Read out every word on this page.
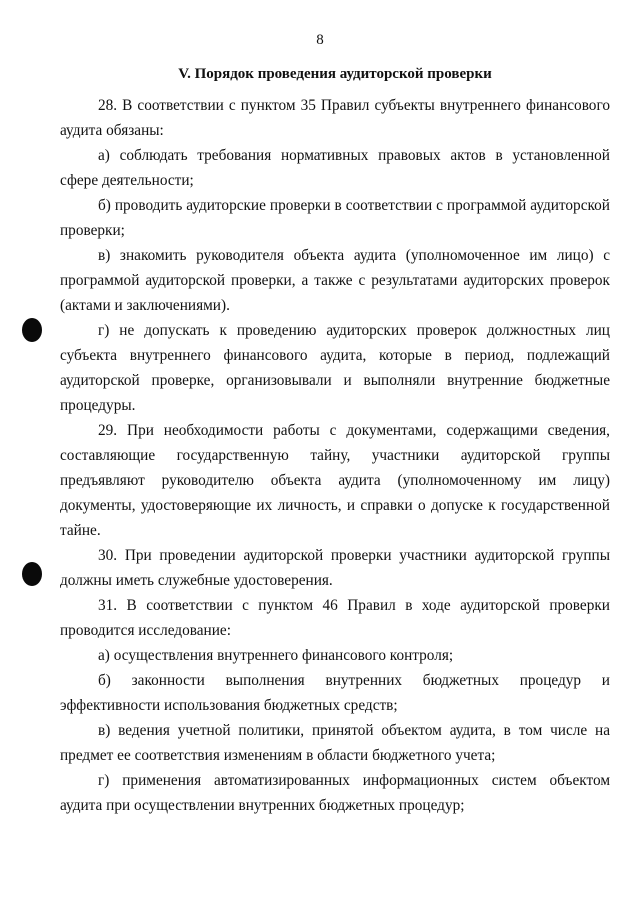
8
V. Порядок проведения аудиторской проверки

28. В соответствии с пунктом 35 Правил субъекты внутреннего финансового аудита обязаны:

а) соблюдать требования нормативных правовых актов в установленной сфере деятельности;

б) проводить аудиторские проверки в соответствии с программой аудиторской проверки;

в) знакомить руководителя объекта аудита (уполномоченное им лицо) с программой аудиторской проверки, а также с результатами аудиторских проверок (актами и заключениями).

г) не допускать к проведению аудиторских проверок должностных лиц субъекта внутреннего финансового аудита, которые в период, подлежащий аудиторской проверке, организовывали и выполняли внутренние бюджетные процедуры.

29. При необходимости работы с документами, содержащими сведения, составляющие государственную тайну, участники аудиторской группы предъявляют руководителю объекта аудита (уполномоченному им лицу) документы, удостоверяющие их личность, и справки о допуске к государственной тайне.

30. При проведении аудиторской проверки участники аудиторской группы должны иметь служебные удостоверения.

31. В соответствии с пунктом 46 Правил в ходе аудиторской проверки проводится исследование:

а) осуществления внутреннего финансового контроля;

б) законности выполнения внутренних бюджетных процедур и эффективности использования бюджетных средств;

в) ведения учетной политики, принятой объектом аудита, в том числе на предмет ее соответствия изменениям в области бюджетного учета;

г) применения автоматизированных информационных систем объектом аудита при осуществлении внутренних бюджетных процедур;
